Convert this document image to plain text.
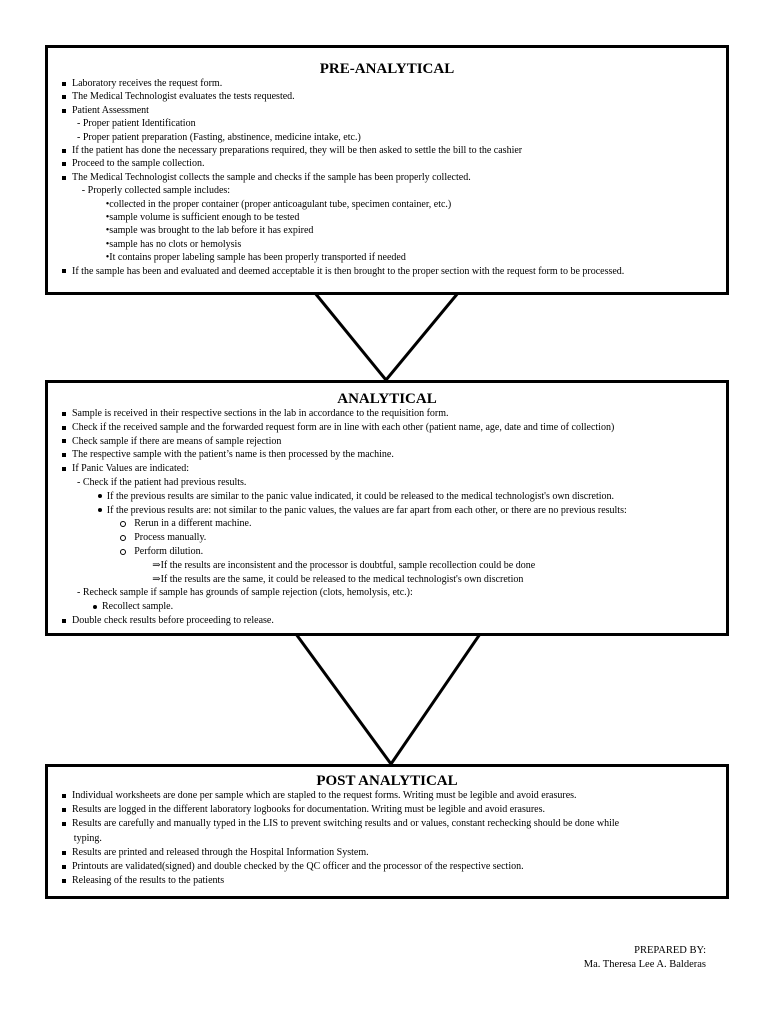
PRE-ANALYTICAL
Laboratory receives the request form.
The Medical Technologist evaluates the tests requested.
Patient Assessment
- Proper patient Identification
- Proper patient preparation (Fasting, abstinence, medicine intake, etc.)
If the patient has done the necessary preparations required, they will be then asked to settle the bill to the cashier
Proceed to the sample collection.
The Medical Technologist collects the sample and checks if the sample has been properly collected.
- Properly collected sample includes:
•collected in the proper container (proper anticoagulant tube, specimen container, etc.)
•sample volume is sufficient enough to be tested
•sample was brought to the lab before it has expired
•sample has no clots or hemolysis
•It contains proper labeling sample has been properly transported if needed
If the sample has been and evaluated and deemed acceptable it is then brought to the proper section with the request form to be processed.
ANALYTICAL
Sample is received in their respective sections in the lab in accordance to the requisition form.
Check if the received sample and the forwarded request form are in line with each other (patient name, age, date and time of collection)
Check sample if there are means of sample rejection
The respective sample with the patient’s name is then processed by the machine.
If Panic Values are indicated:
- Check if the patient had previous results.
If the previous results are similar to the panic value indicated, it could be released to the medical technologist's own discretion.
If the previous results are: not similar to the panic values, the values are far apart from each other, or there are no previous results:
Rerun in a different machine.
Process manually.
Perform dilution.
⇒If the results are inconsistent and the processor is doubtful, sample recollection could be done
⇒If the results are the same, it could be released to the medical technologist's own discretion
- Recheck sample if sample has grounds of sample rejection (clots, hemolysis, etc.):
Recollect sample.
Double check results before proceeding to release.
POST ANALYTICAL
Individual worksheets are done per sample which are stapled to the request forms. Writing must be legible and avoid erasures.
Results are logged in the different laboratory logbooks for documentation. Writing must be legible and avoid erasures.
Results are carefully and manually typed in the LIS to prevent switching results and or values, constant rechecking should be done while
typing.
Results are printed and released through the Hospital Information System.
Printouts are validated(signed) and double checked by the QC officer and the processor of the respective section.
Releasing of the results to the patients
PREPARED BY:
Ma. Theresa Lee A. Balderas
